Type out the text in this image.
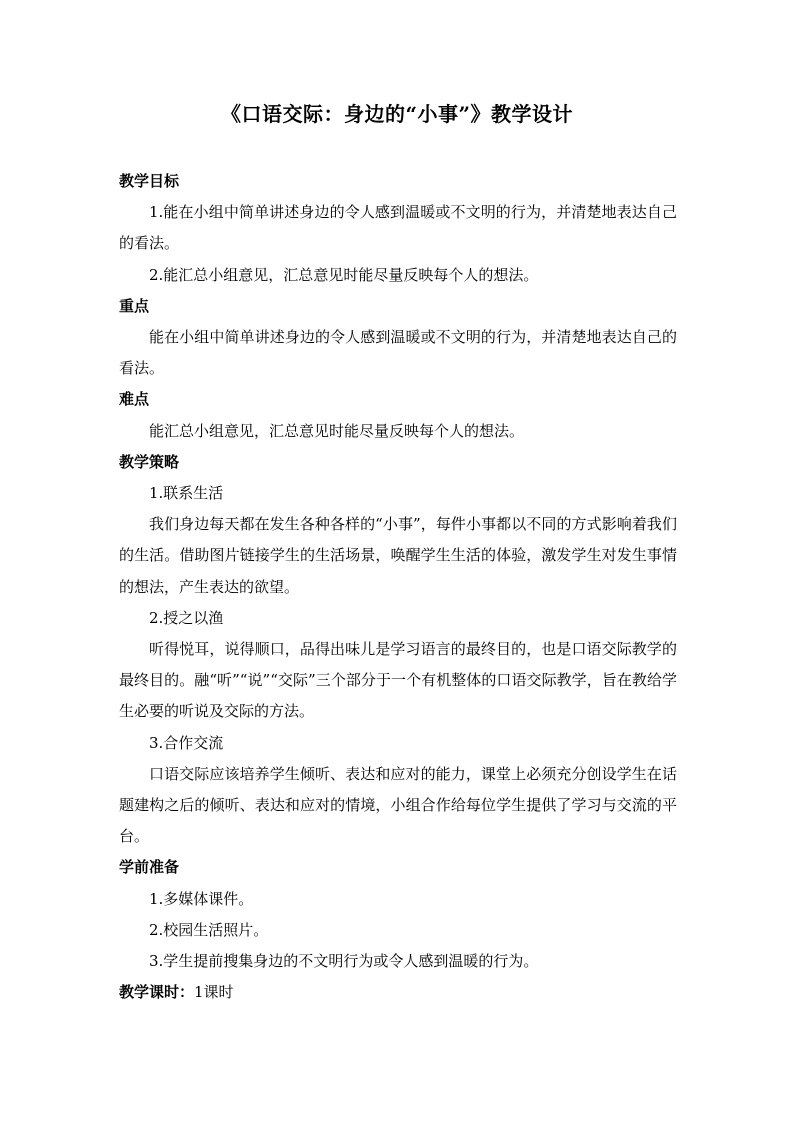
《口语交际：身边的“小事”》教学设计

教学目标

1.能在小组中简单讲述身边的令人感到温暖或不文明的行为，并清楚地表达自己的看法。

2.能汇总小组意见，汇总意见时能尽量反映每个人的想法。

重点

能在小组中简单讲述身边的令人感到温暖或不文明的行为，并清楚地表达自己的看法。

难点

能汇总小组意见，汇总意见时能尽量反映每个人的想法。

教学策略

1.联系生活

我们身边每天都在发生各种各样的“小事”，每件小事都以不同的方式影响着我们的生活。借助图片链接学生的生活场景，唤醒学生生活的体验，激发学生对发生事情的想法，产生表达的欲望。

2.授之以渔

听得悦耳，说得顺口，品得出味儿是学习语言的最终目的，也是口语交际教学的最终目的。融“听”“说”“交际”三个部分于一个有机整体的口语交际教学，旨在教给学生必要的听说及交际的方法。

3.合作交流

口语交际应该培养学生倾听、表达和应对的能力，课堂上必须充分创设学生在话题建构之后的倾听、表达和应对的情境，小组合作给每位学生提供了学习与交流的平台。

学前准备

1.多媒体课件。

2.校园生活照片。

3.学生提前搜集身边的不文明行为或令人感到温暖的行为。

教学课时：1课时
